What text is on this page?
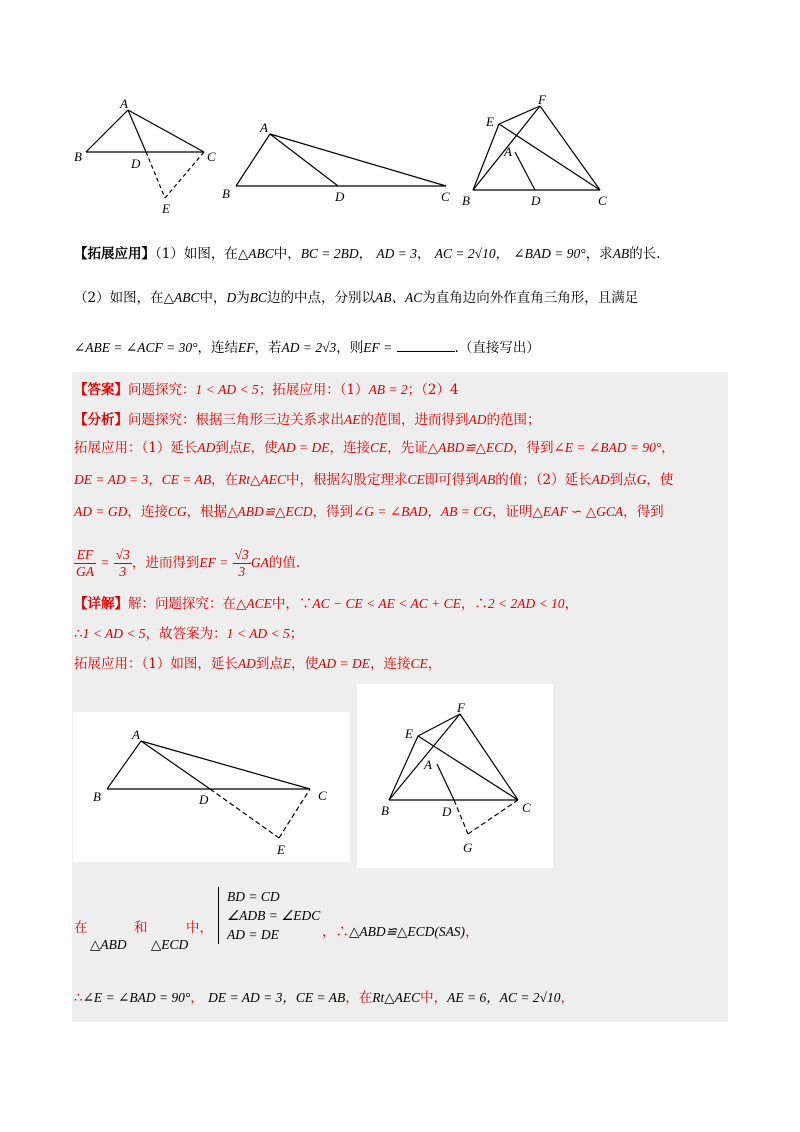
A
B	C
D
E
A
B	C
D
F
E
A
B	D	C
【拓展应用】（1）如图，在△ABC中，BC = 2BD， AD = 3， AC = 2√10， ∠BAD = 90°，求AB的长.
（2）如图，在△ABC中，D为BC边的中点，分别以AB、AC为直角边向外作直角三角形，且满足
∠ABE = ∠ACF = 30°，连结EF，若AD = 2√3，则EF =	.（直接写出）
【答案】问题探究：1 < AD < 5；拓展应用：（1）AB = 2；（2）4
【分析】问题探究：根据三角形三边关系求出AE的范围，进而得到AD的范围；
拓展应用：（1）延长AD到点E，使AD = DE，连接CE，先证△ABD≌△ECD，得到∠E = ∠BAD = 90°，
DE = AD = 3，CE = AB，在Rt△AEC中，根据勾股定理求CE即可得到AB的值；（2）延长AD到点G，使
AD = GD，连接CG，根据△ABD≌△ECD，得到∠G = ∠BAD，AB = CG，证明△EAF ∽ △GCA，得到
$\frac{EF}{GA} = \frac{√3}{3}$ ，进而得到EF = $\frac{√3}{3}$ GA的值.
【详解】解：问题探究：在△ACE中，∵AC − CE < AE < AC + CE，∴2 < 2AD < 10，
∴1 < AD < 5，故答案为：1 < AD < 5；
拓展应用：（1）如图，延长AD到点E，使AD = DE，连接CE，
A
B	D	C
E
F
E
A
B	D	C
G
在	和	中，
△ABD △ECD
BD = CD
∠ADB = ∠EDC
AD = DE	，∴△ABD≌△ECD(SAS)，
∴∠E = ∠BAD = 90°， DE = AD = 3，CE = AB，在Rt△AEC中，AE = 6，AC = 2√10，
